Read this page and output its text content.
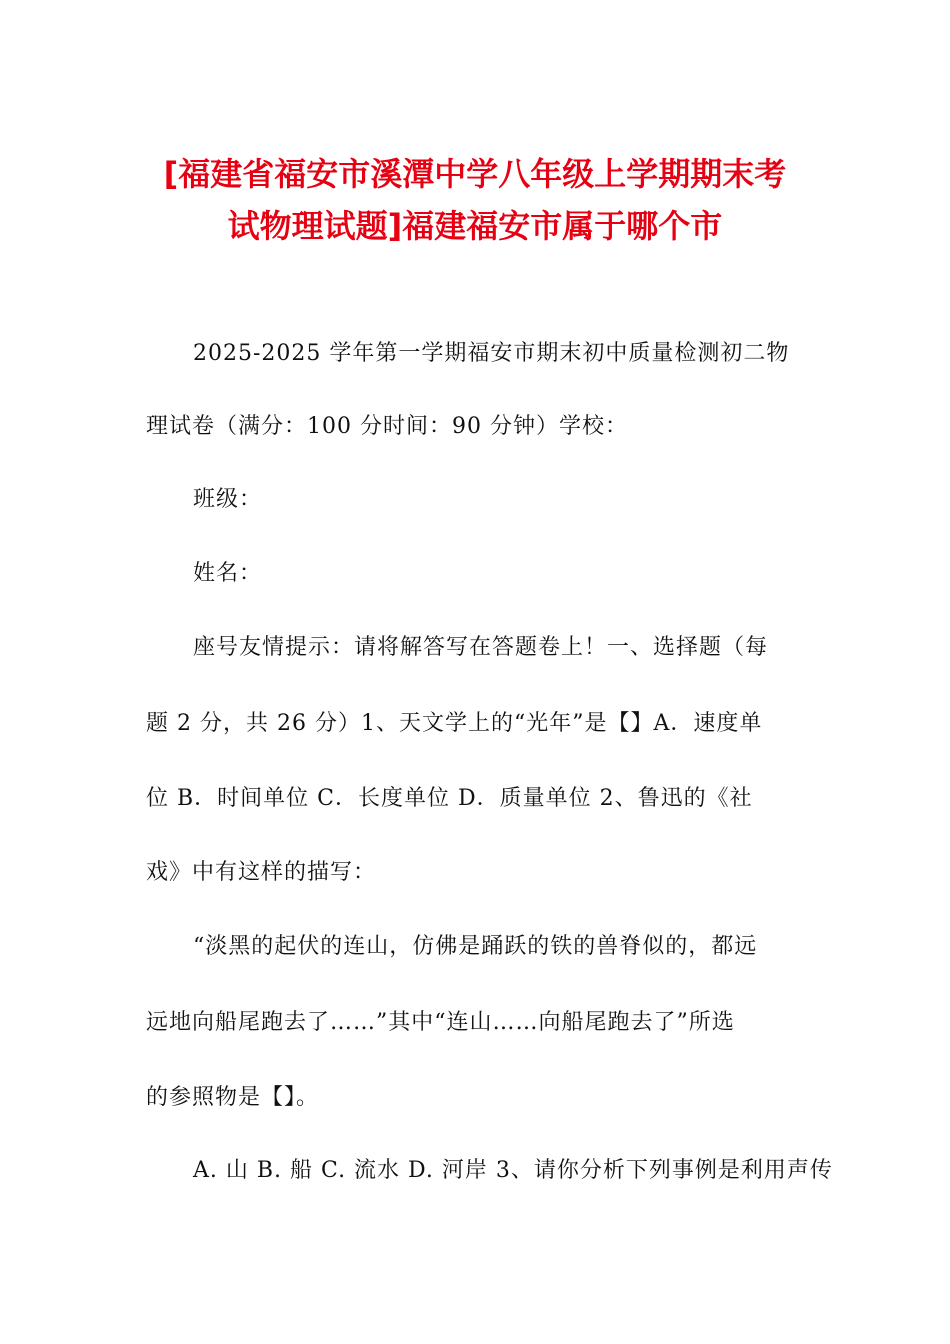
[福建省福安市溪潭中学八年级上学期期末考
试物理试题]福建福安市属于哪个市
2025-2025 学年第一学期福安市期末初中质量检测初二物
理试卷（满分：100 分时间：90 分钟）学校：
班级：
姓名：
座号友情提示：请将解答写在答题卷上！一、选择题（每
题 2 分，共 26 分）1、天文学上的“光年”是【】A．速度单
位 B．时间单位 C．长度单位 D．质量单位 2、鲁迅的《社
戏》中有这样的描写：
“淡黑的起伏的连山，仿佛是踊跃的铁的兽脊似的，都远
远地向船尾跑去了……”其中“连山……向船尾跑去了”所选
的参照物是【】。
A. 山 B. 船 C. 流水 D. 河岸 3、请你分析下列事例是利用声传
